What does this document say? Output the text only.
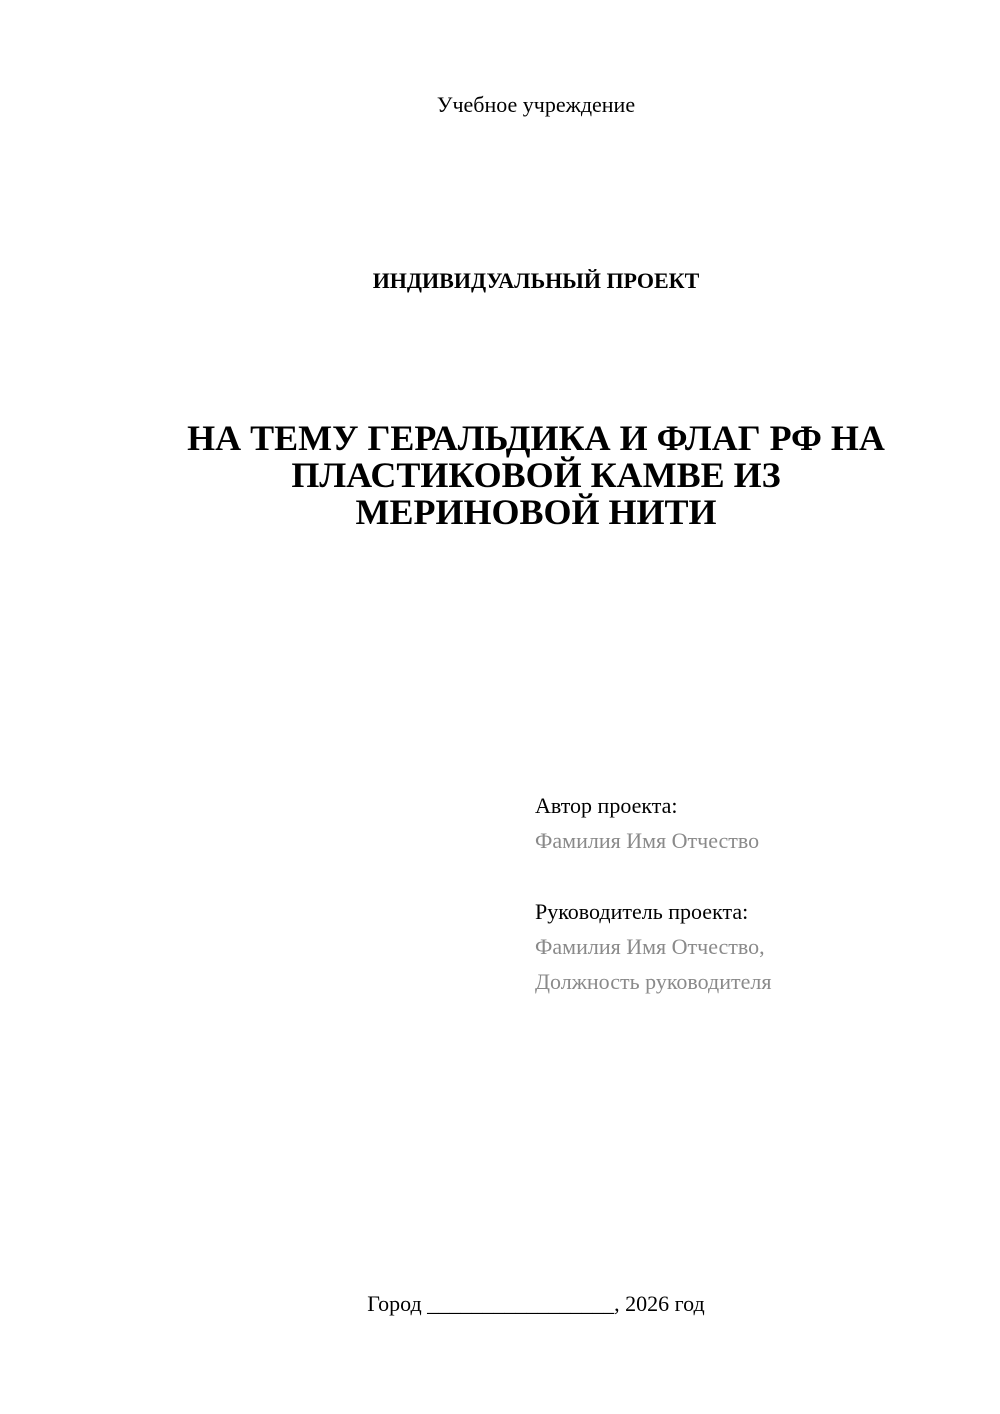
Учебное учреждение
ИНДИВИДУАЛЬНЫЙ ПРОЕКТ
НА ТЕМУ ГЕРАЛЬДИКА И ФЛАГ РФ НА
ПЛАСТИКОВОЙ КАМВЕ ИЗ
МЕРИНОВОЙ НИТИ
Автор проекта:
Фамилия Имя Отчество
Руководитель проекта:
Фамилия Имя Отчество,
Должность руководителя
Город _________________, 2026 год
